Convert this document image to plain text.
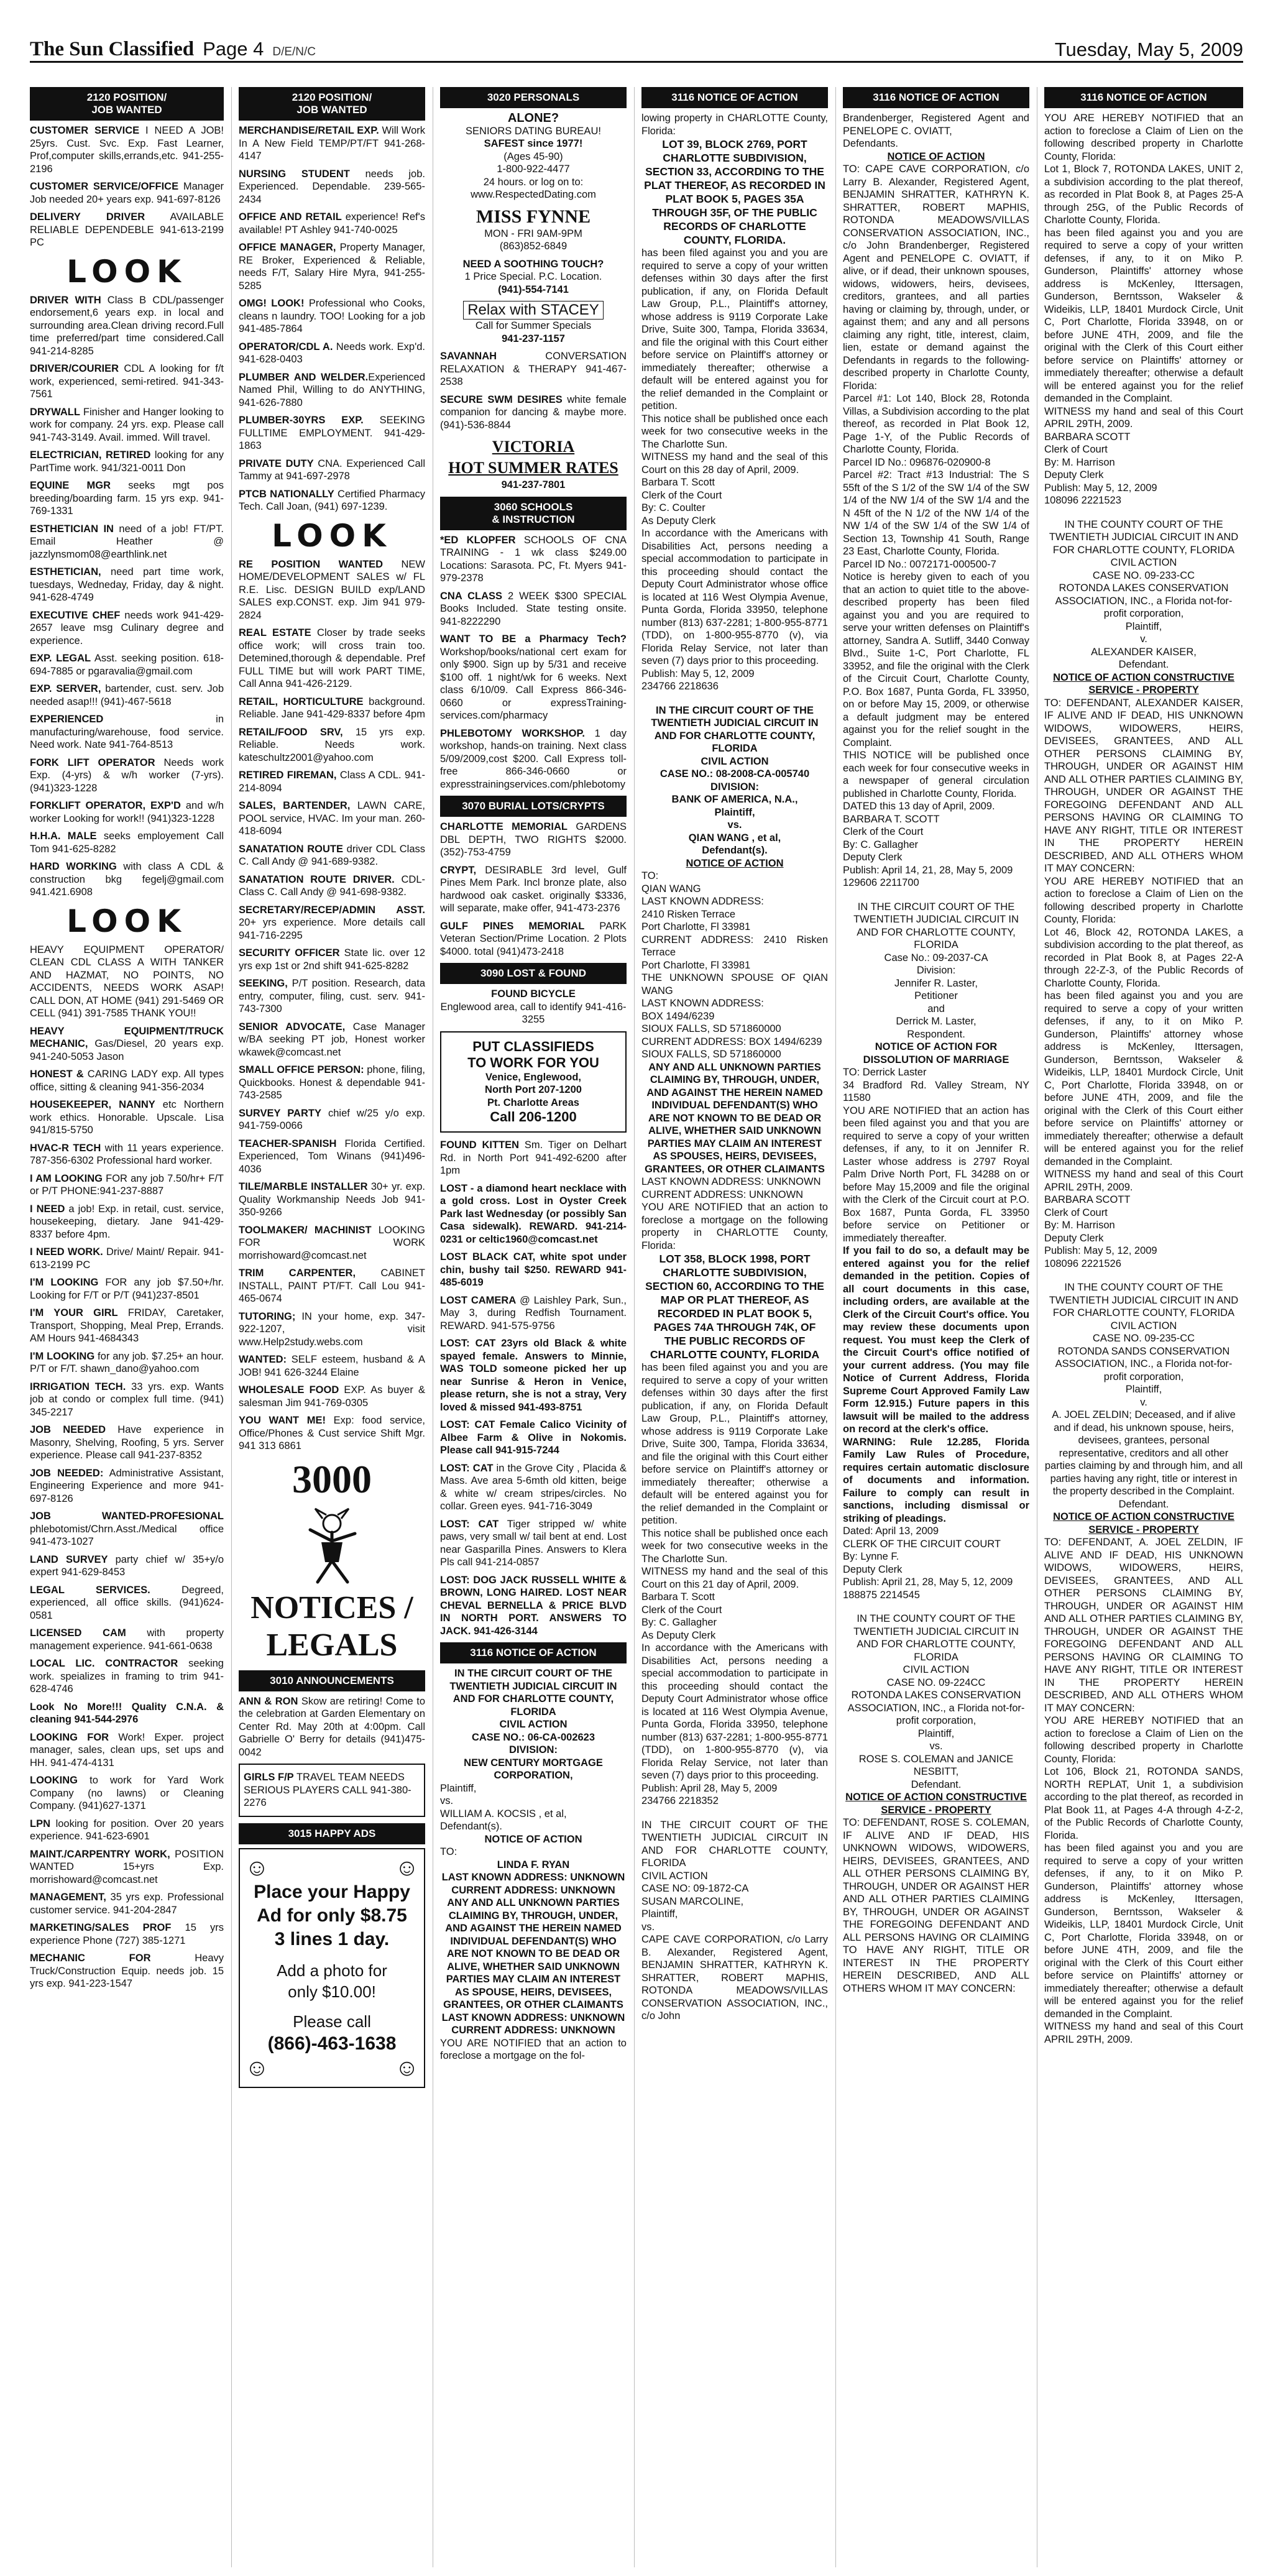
The Sun Classified Page 4 D/E/N/C	Tuesday, May 5, 2009
2120 POSITION/
JOB WANTED
CUSTOMER SERVICE I NEED A JOB! 25yrs. Cust. Svc. Exp. Fast Learner, Prof,computer skills,errands,etc. 941-255-2196
CUSTOMER SERVICE/OFFICE Manager Job needed 20+ years exp. 941-697-8126
DELIVERY DRIVER AVAILABLE RELIABLE DEPENDEBLE 941-613-2199 PC
LOOK
DRIVER WITH Class B CDL/passenger endorsement,6 years exp. in local and surrounding area.Clean driving record.Full time preferred/part time considered.Call 941-214-8285
DRIVER/COURIER CDL A looking for f/t work, experienced, semi-retired. 941-343-7561
DRYWALL Finisher and Hanger looking to work for company. 24 yrs. exp. Please call 941-743-3149. Avail. immed. Will travel.
ELECTRICIAN, RETIRED looking for any PartTime work. 941/321-0011 Don
EQUINE MGR seeks mgt pos breeding/boarding farm. 15 yrs exp. 941-769-1331
ESTHETICIAN IN need of a job! FT/PT. Email Heather @ jazzlynsmom08@earthlink.net
ESTHETICIAN, need part time work, tuesdays, Wedneday, Friday, day & night. 941-628-4749
EXECUTIVE CHEF needs work 941-429-2657 leave msg Culinary degree and experience.
EXP. LEGAL Asst. seeking position. 618-694-7885 or pgaravalia@gmail.com
EXP. SERVER, bartender, cust. serv. Job needed asap!!! (941)-467-5618
EXPERIENCED in manufacturing/warehouse, food service. Need work. Nate 941-764-8513
FORK LIFT OPERATOR Needs work Exp. (4-yrs) & w/h worker (7-yrs). (941)323-1228
FORKLIFT OPERATOR, EXP'D and w/h worker Looking for work!! (941)323-1228
H.H.A. MALE seeks employement Call Tom 941-625-8282
HARD WORKING with class A CDL & construction bkg fegelj@gmail.com 941.421.6908
LOOK
HEAVY EQUIPMENT OPERATOR/ CLEAN CDL CLASS A WITH TANKER AND HAZMAT, NO POINTS, NO ACCIDENTS, NEEDS WORK ASAP! CALL DON, AT HOME (941) 291-5469 OR CELL (941) 391-7585 THANK YOU!!
HEAVY EQUIPMENT/TRUCK MECHANIC, Gas/Diesel, 20 years exp. 941-240-5053 Jason
HONEST & CARING LADY exp. All types office, sitting & cleaning 941-356-2034
HOUSEKEEPER, NANNY etc Northern work ethics. Honorable. Upscale. Lisa 941/815-5750
HVAC-R TECH with 11 years experience. 787-356-6302 Professional hard worker.
I AM LOOKING FOR any job 7.50/hr+ F/T or P/T PHONE:941-237-8887
I NEED a job! Exp. in retail, cust. service, housekeeping, dietary. Jane 941-429-8337 before 4pm.
I NEED WORK. Drive/ Maint/ Repair. 941-613-2199 PC
I'M LOOKING FOR any job $7.50+/hr. Looking for F/T or P/T (941)237-8501
I'M YOUR GIRL FRIDAY, Caretaker, Transport, Shopping, Meal Prep, Errands. AM Hours 941-4684343
I'M LOOKING for any job. $7.25+ an hour. P/T or F/T. shawn_dano@yahoo.com
IRRIGATION TECH. 33 yrs. exp. Wants job at condo or complex full time. (941) 345-2217
JOB NEEDED Have experience in Masonry, Shelving, Roofing, 5 yrs. Server experience. Please call 941-237-8352
JOB NEEDED: Administrative Assistant, Engineering Experience and more 941-697-8126
JOB WANTED-PROFESIONAL phlebotomist/Chrn.Asst./Medical office 941-473-1027
LAND SURVEY party chief w/ 35+y/o expert 941-629-8453
LEGAL SERVICES. Degreed, experienced, all office skills. (941)624-0581
LICENSED CAM with property management experience. 941-661-0638
LOCAL LIC. CONTRACTOR seeking work. speializes in framing to trim 941-628-4746
Look No More!!! Quality C.N.A. & cleaning 941-544-2976
LOOKING FOR Work! Exper. project manager, sales, clean ups, set ups and HH. 941-474-4131
LOOKING to work for Yard Work Company (no lawns) or Cleaning Company. (941)627-1371
LPN looking for position. Over 20 years experience. 941-623-6901
MAINT./CARPENTRY WORK, POSITION WANTED 15+yrs Exp. morrishoward@comcast.net
MANAGEMENT, 35 yrs exp. Professional customer service. 941-204-2847
MARKETING/SALES PROF 15 yrs experience Phone (727) 385-1271
MECHANIC FOR Heavy Truck/Construction Equip. needs job. 15 yrs exp. 941-223-1547
2120 POSITION/
JOB WANTED
MERCHANDISE/RETAIL EXP. Will Work In A New Field TEMP/PT/FT 941-268-4147
NURSING STUDENT needs job. Experienced. Dependable. 239-565-2434
OFFICE AND RETAIL experience! Ref's available! PT Ashley 941-740-0025
OFFICE MANAGER, Property Manager, RE Broker, Experienced & Reliable, needs F/T, Salary Hire Myra, 941-255-5285
OMG! LOOK! Professional who Cooks, cleans n laundry. TOO! Looking for a job 941-485-7864
OPERATOR/CDL A. Needs work. Exp'd. 941-628-0403
PLUMBER AND WELDER.Experienced Named Phil, Willing to do ANYTHING, 941-626-7880
PLUMBER-30YRS EXP. SEEKING FULLTIME EMPLOYMENT. 941-429-1863
PRIVATE DUTY CNA. Experienced Call Tammy at 941-697-2978
PTCB NATIONALLY Certified Pharmacy Tech. Call Joan, (941) 697-1239.
LOOK
RE POSITION WANTED NEW HOME/DEVELOPMENT SALES w/ FL R.E. Lisc. DESIGN BUILD exp/LAND SALES exp.CONST. exp. Jim 941 979-2824
REAL ESTATE Closer by trade seeks office work; will cross train too. Detemined,thorough & dependable. Pref FULL TIME but will work PART TIME, Call Anna 941-426-2129.
RETAIL, HORTICULTURE background. Reliable. Jane 941-429-8337 before 4pm
RETAIL/FOOD SRV, 15 yrs exp. Reliable. Needs work. kateschultz2001@yahoo.com
RETIRED FIREMAN, Class A CDL. 941-214-8094
SALES, BARTENDER, LAWN CARE, POOL service, HVAC. Im your man. 260-418-6094
SANATATION ROUTE driver CDL Class C. Call Andy @ 941-689-9382.
SANATATION ROUTE DRIVER. CDL-Class C. Call Andy @ 941-698-9382.
SECRETARY/RECEP/ADMIN ASST. 20+ yrs experience. More details call 941-716-2295
SECURITY OFFICER State lic. over 12 yrs exp 1st or 2nd shift 941-625-8282
SEEKING, P/T position. Research, data entry, computer, filing, cust. serv. 941-743-7300
SENIOR ADVOCATE, Case Manager w/BA seeking PT job, Honest worker wkawek@comcast.net
SMALL OFFICE PERSON: phone, filing, Quickbooks. Honest & dependable 941-743-2585
SURVEY PARTY chief w/25 y/o exp. 941-759-0066
TEACHER-SPANISH Florida Certified. Experienced, Tom Winans (941)496-4036
TILE/MARBLE INSTALLER 30+ yr. exp. Quality Workmanship Needs Job 941-350-9266
TOOLMAKER/ MACHINIST LOOKING FOR WORK morrishoward@comcast.net
TRIM CARPENTER, CABINET INSTALL, PAINT PT/FT. Call Lou 941-465-0674
TUTORING; IN your home, exp. 347-922-1207, visit www.Help2study.webs.com
WANTED: SELF esteem, husband & A JOB! 941 626-3244 Elaine
WHOLESALE FOOD EXP. As buyer & salesman Jim 941-769-0305
YOU WANT ME! Exp: food service, Office/Phones & Cust service Shift Mgr. 941 313 6861
3000
NOTICES /
LEGALS
3010 ANNOUNCEMENTS
ANN & RON Skow are retiring! Come to the celebration at Garden Elementary on Center Rd. May 20th at 4:00pm. Call Gabrielle O' Berry for details (941)475-0042
GIRLS F/P TRAVEL TEAM NEEDS SERIOUS PLAYERS CALL 941-380-2276
3015 HAPPY ADS
☺	☺
Place your Happy
Ad for only $8.75
3 lines 1 day.
Add a photo for
only $10.00!
Please call
(866)-463-1638
☺	☺
3020 PERSONALS
ALONE?
SENIORS DATING BUREAU!
SAFEST since 1977!
(Ages 45-90)
1-800-922-4477
24 hours. or log on to:
www.RespectedDating.com
MISS FYNNE
MON - FRI 9AM-9PM
(863)852-6849
NEED A SOOTHING TOUCH?
1 Price Special. P.C. Location.
(941)-554-7141
Relax with STACEY
Call for Summer Specials
941-237-1157
SAVANNAH CONVERSATION RELAXATION & THERAPY 941-467-2538
SECURE SWM DESIRES white female companion for dancing & maybe more. (941)-536-8844
VICTORIA
HOT SUMMER RATES
941-237-7801
3060 SCHOOLS
& INSTRUCTION
*ED KLOPFER SCHOOLS OF CNA TRAINING - 1 wk class $249.00 Locations: Sarasota. PC, Ft. Myers 941-979-2378
CNA CLASS 2 WEEK $300 SPECIAL Books Included. State testing onsite. 941-8222290
WANT TO BE a Pharmacy Tech? Workshop/books/national cert exam for only $900. Sign up by 5/31 and receive $100 off. 1 night/wk for 6 weeks. Next class 6/10/09. Call Express 866-346-0660 or expressTraining-services.com/pharmacy
PHLEBOTOMY WORKSHOP. 1 day workshop, hands-on training. Next class 5/09/2009,cost $200. Call Express toll-free 866-346-0660 or expresstrainingservices.com/phlebotomy
3070 BURIAL LOTS/CRYPTS
CHARLOTTE MEMORIAL GARDENS DBL DEPTH, TWO RIGHTS $2000. (352)-753-4759
CRYPT, DESIRABLE 3rd level, Gulf Pines Mem Park. Incl bronze plate, also hardwood oak casket. originally $3336, will separate, make offer, 941-473-2376
GULF PINES MEMORIAL PARK Veteran Section/Prime Location. 2 Plots $4000. total (941)473-2418
3090 LOST & FOUND
FOUND BICYCLE
Englewood area, call to identify 941-416-3255
PUT CLASSIFIEDS
TO WORK FOR YOU
Venice, Englewood,
North Port 207-1200
Pt. Charlotte Areas
Call 206-1200
FOUND KITTEN Sm. Tiger on Delhart Rd. in North Port 941-492-6200 after 1pm
LOST - a diamond heart necklace with a gold cross. Lost in Oyster Creek Park last Wednesday (or possibly San Casa sidewalk). REWARD. 941-214-0231 or celtic1960@comcast.net
LOST BLACK CAT, white spot under chin, bushy tail $250. REWARD 941-485-6019
LOST CAMERA @ Laishley Park, Sun., May 3, during Redfish Tournament. REWARD. 941-575-9756
LOST: CAT 23yrs old Black & white spayed female. Answers to Minnie, WAS TOLD someone picked her up near Sunrise & Heron in Venice, please return, she is not a stray, Very loved & missed 941-493-8751
LOST: CAT Female Calico Vicinity of Albee Farm & Olive in Nokomis. Please call 941-915-7244
LOST: CAT in the Grove City , Placida & Mass. Ave area 5-6mth old kitten, beige & white w/ cream stripes/circles. No collar. Green eyes. 941-716-3049
LOST: CAT Tiger stripped w/ white paws, very small w/ tail bent at end. Lost near Gasparilla Pines. Answers to Klera Pls call 941-214-0857
LOST: DOG JACK RUSSELL WHITE & BROWN, LONG HAIRED. LOST NEAR CHEVAL BERNELLA & PRICE BLVD IN NORTH PORT. ANSWERS TO JACK. 941-426-3144
3116 NOTICE OF ACTION

IN THE CIRCUIT COURT OF THE TWENTIETH JUDICIAL CIRCUIT IN AND FOR CHARLOTTE COUNTY, FLORIDA

CIVIL ACTION

CASE NO.: 06-CA-002623

DIVISION:

NEW CENTURY MORTGAGE CORPORATION,

Plaintiff,

vs.

WILLIAM A. KOCSIS , et al,

Defendant(s).

NOTICE OF ACTION

TO:

LINDA F. RYAN

LAST KNOWN ADDRESS: UNKNOWN

CURRENT ADDRESS: UNKNOWN

ANY AND ALL UNKNOWN PARTIES CLAIMING BY, THROUGH, UNDER, AND AGAINST THE HEREIN NAMED INDIVIDUAL DEFENDANT(S) WHO ARE NOT KNOWN TO BE DEAD OR ALIVE, WHETHER SAID UNKNOWN PARTIES MAY CLAIM AN INTEREST AS SPOUSE, HEIRS, DEVISEES, GRANTEES, OR OTHER CLAIMANTS

LAST KNOWN ADDRESS: UNKNOWN

CURRENT ADDRESS: UNKNOWN

YOU ARE NOTIFIED that an action to foreclose a mortgage on the fol-

3116 NOTICE OF ACTION

lowing property in CHARLOTTE County, Florida:

LOT 39, BLOCK 2769, PORT CHARLOTTE SUBDIVISION, SECTION 33, ACCORDING TO THE PLAT THEREOF, AS RECORDED IN PLAT BOOK 5, PAGES 35A THROUGH 35F, OF THE PUBLIC RECORDS OF CHARLOTTE COUNTY, FLORIDA.

has been filed against you and you are required to serve a copy of your written defenses within 30 days after the first publication, if any, on Florida Default Law Group, P.L., Plaintiff's attorney, whose address is 9119 Corporate Lake Drive, Suite 300, Tampa, Florida 33634, and file the original with this Court either before service on Plaintiff's attorney or immediately thereafter; otherwise a default will be entered against you for the relief demanded in the Complaint or petition.

This notice shall be published once each week for two consecutive weeks in the The Charlotte Sun.

WITNESS my hand and the seal of this Court on this 28 day of April, 2009.

Barbara T. Scott
Clerk of the Court
By: C. Coulter
As Deputy Clerk

In accordance with the Americans with Disabilities Act, persons needing a special accommodation to participate in this proceeding should contact the Deputy Court Administrator whose office is located at 116 West Olympia Avenue, Punta Gorda, Florida 33950, telephone number (813) 637-2281; 1-800-955-8771 (TDD), on 1-800-955-8770 (v), via Florida Relay Service, not later than seven (7) days prior to this proceeding.
Publish: May 5, 12, 2009
234766 2218636

IN THE CIRCUIT COURT OF THE TWENTIETH JUDICIAL CIRCUIT IN AND FOR CHARLOTTE COUNTY, FLORIDA
CIVIL ACTION
CASE NO.: 08-2008-CA-005740

DIVISION:
BANK OF AMERICA, N.A.,
Plaintiff,
vs.
QIAN WANG , et al,
Defendant(s).

NOTICE OF ACTION

TO:
QIAN WANG
LAST KNOWN ADDRESS:
2410 Risken Terrace
Port Charlotte, Fl 33981
CURRENT ADDRESS: 2410 Risken Terrace
Port Charlotte, Fl 33981
THE UNKNOWN SPOUSE OF QIAN WANG
LAST KNOWN ADDRESS:
BOX 1494/6239
SIOUX FALLS, SD 571860000
CURRENT ADDRESS: BOX 1494/6239
SIOUX FALLS, SD 571860000

ANY AND ALL UNKNOWN PARTIES CLAIMING BY, THROUGH, UNDER, AND AGAINST THE HEREIN NAMED INDIVIDUAL DEFENDANT(S) WHO ARE NOT KNOWN TO BE DEAD OR ALIVE, WHETHER SAID UNKNOWN PARTIES MAY CLAIM AN INTEREST AS SPOUSES, HEIRS, DEVISEES, GRANTEES, OR OTHER CLAIMANTS

LAST KNOWN ADDRESS: UNKNOWN
CURRENT ADDRESS: UNKNOWN
YOU ARE NOTIFIED that an action to foreclose a mortgage on the following property in CHARLOTTE County, Florida:

LOT 358, BLOCK 1998, PORT CHARLOTTE SUBDIVISION, SECTION 60, ACCORDING TO THE MAP OR PLAT THEREOF, AS RECORDED IN PLAT BOOK 5, PAGES 74A THROUGH 74K, OF THE PUBLIC RECORDS OF CHARLOTTE COUNTY, FLORIDA

has been filed against you and you are required to serve a copy of your written defenses within 30 days after the first publication, if any, on Florida Default Law Group, P.L., Plaintiff's attorney, whose address is 9119 Corporate Lake Drive, Suite 300, Tampa, Florida 33634, and file the original with this Court either before service on Plaintiff's attorney or immediately thereafter; otherwise a default will be entered against you for the relief demanded in the Complaint or petition.

This notice shall be published once each week for two consecutive weeks in the The Charlotte Sun.

WITNESS my hand and the seal of this Court on this 21 day of April, 2009.

Barbara T. Scott
Clerk of the Court
By: C. Gallagher
As Deputy Clerk

In accordance with the Americans with Disabilities Act, persons needing a special accommodation to participate in this proceeding should contact the Deputy Court Administrator whose office is located at 116 West Olympia Avenue, Punta Gorda, Florida 33950, telephone number (813) 637-2281; 1-800-955-8771 (TDD), on 1-800-955-8770 (v), via Florida Relay Service, not later than seven (7) days prior to this proceeding.
Publish: April 28, May 5, 2009
234766 2218352

IN THE CIRCUIT COURT OF THE TWENTIETH JUDICIAL CIRCUIT IN AND FOR CHARLOTTE COUNTY, FLORIDA
CIVIL ACTION
CASE NO: 09-1872-CA
SUSAN MARCOLINE,
Plaintiff,
vs.
CAPE CAVE CORPORATION, c/o Larry B. Alexander, Registered Agent, BENJAMIN SHRATTER, KATHRYN K. SHRATTER, ROBERT MAPHIS, ROTONDA MEADOWS/VILLAS CONSERVATION ASSOCIATION, INC., c/o John

3116 NOTICE OF ACTION

Brandenberger, Registered Agent and PENELOPE C. OVIATT,
Defendants.

NOTICE OF ACTION

TO: CAPE CAVE CORPORATION, c/o Larry B. Alexander, Registered Agent, BENJAMIN SHRATTER, KATHRYN K. SHRATTER, ROBERT MAPHIS, ROTONDA MEADOWS/VILLAS CONSERVATION ASSOCIATION, INC., c/o John Brandenberger, Registered Agent and PENELOPE C. OVIATT, if alive, or if dead, their unknown spouses, widows, widowers, heirs, devisees, creditors, grantees, and all parties having or claiming by, through, under, or against them; and any and all persons claiming any right, title, interest, claim, lien, estate or demand against the Defendants in regards to the following-described property in Charlotte County, Florida:

Parcel #1: Lot 140, Block 28, Rotonda Villas, a Subdivision according to the plat thereof, as recorded in Plat Book 12, Page 1-Y, of the Public Records of Charlotte County, Florida.
Parcel ID No.: 096876-020900-8
Parcel #2: Tract #13 Industrial: The S 55ft of the S 1/2 of the SW 1/4 of the SW 1/4 of the NW 1/4 of the SW 1/4 and the N 45ft of the N 1/2 of the NW 1/4 of the NW 1/4 of the SW 1/4 of the SW 1/4 of Section 13, Township 41 South, Range 23 East, Charlotte County, Florida.
Parcel ID No.: 0072171-000500-7

Notice is hereby given to each of you that an action to quiet title to the above-described property has been filed against you and you are required to serve your written defenses on Plaintiff's attorney, Sandra A. Sutliff, 3440 Conway Blvd., Suite 1-C, Port Charlotte, FL 33952, and file the original with the Clerk of the Circuit Court, Charlotte County, P.O. Box 1687, Punta Gorda, FL 33950, on or before May 15, 2009, or otherwise a default judgment may be entered against you for the relief sought in the Complaint.

THIS NOTICE will be published once each week for four consecutive weeks in a newspaper of general circulation published in Charlotte County, Florida.
DATED this 13 day of April, 2009.
BARBARA T. SCOTT
Clerk of the Court
By: C. Gallagher
Deputy Clerk
Publish: April 14, 21, 28, May 5, 2009
129606 2211700

IN THE CIRCUIT COURT OF THE TWENTIETH JUDICIAL CIRCUIT IN AND FOR CHARLOTTE COUNTY, FLORIDA
Case No.: 09-2037-CA
Division:
Jennifer R. Laster,
Petitioner
and
Derrick M. Laster,
Respondent.

NOTICE OF ACTION FOR DISSOLUTION OF MARRIAGE

TO: Derrick Laster
34 Bradford Rd. Valley Stream, NY 11580
YOU ARE NOTIFIED that an action has been filed against you and that you are required to serve a copy of your written defenses, if any, to it on Jennifer R. Laster whose address is 2797 Royal Palm Drive North Port, FL 34288 on or before May 15,2009 and file the original with the Clerk of the Circuit court at P.O. Box 1687, Punta Gorda, FL 33950 before service on Petitioner or immediately thereafter.

If you fail to do so, a default may be entered against you for the relief demanded in the petition. Copies of all court documents in this case, including orders, are available at the Clerk of the Circuit Court's office. You may review these documents upon request. You must keep the Clerk of the Circuit Court's office notified of your current address. (You may file Notice of Current Address, Florida Supreme Court Approved Family Law Form 12.915.) Future papers in this lawsuit will be mailed to the address on record at the clerk's office.

WARNING: Rule 12.285, Florida Family Law Rules of Procedure, requires certain automatic disclosure of documents and information. Failure to comply can result in sanctions, including dismissal or striking of pleadings.

Dated: April 13, 2009
CLERK OF THE CIRCUIT COURT
By: Lynne F.
Deputy Clerk
Publish: April 21, 28, May 5, 12, 2009
188875 2214545

IN THE COUNTY COURT OF THE TWENTIETH JUDICIAL CIRCUIT IN AND FOR CHARLOTTE COUNTY, FLORIDA
CIVIL ACTION
CASE NO. 09-224CC
ROTONDA LAKES CONSERVATION ASSOCIATION, INC., a Florida not-for-profit corporation,
Plaintiff,
vs.
ROSE S. COLEMAN and JANICE NESBITT,
Defendant.

NOTICE OF ACTION CONSTRUCTIVE SERVICE - PROPERTY

TO: DEFENDANT, ROSE S. COLEMAN, IF ALIVE AND IF DEAD, HIS UNKNOWN WIDOWS, WIDOWERS, HEIRS, DEVISEES, GRANTEES, AND ALL OTHER PERSONS CLAIMING BY, THROUGH, UNDER OR AGAINST HER AND ALL OTHER PARTIES CLAIMING BY, THROUGH, UNDER OR AGAINST THE FOREGOING DEFENDANT AND ALL PERSONS HAVING OR CLAIMING TO HAVE ANY RIGHT, TITLE OR INTEREST IN THE PROPERTY HEREIN DESCRIBED, AND ALL OTHERS WHOM IT MAY CONCERN:

3116 NOTICE OF ACTION

YOU ARE HEREBY NOTIFIED that an action to foreclose a Claim of Lien on the following described property in Charlotte County, Florida:

Lot 1, Block 7, ROTONDA LAKES, UNIT 2, a subdivision according to the plat thereof, as recorded in Plat Book 8, at Pages 25-A through 25G, of the Public Records of Charlotte County, Florida.

has been filed against you and you are required to serve a copy of your written defenses, if any, to it on Miko P. Gunderson, Plaintiffs' attorney whose address is McKenley, Ittersagen, Gunderson, Berntsson, Wakseler & Wideikis, LLP, 18401 Murdock Circle, Unit C, Port Charlotte, Florida 33948, on or before JUNE 4TH, 2009, and file the original with the Clerk of this Court either before service on Plaintiffs' attorney or immediately thereafter; otherwise a default will be entered against you for the relief demanded in the Complaint.

WITNESS my hand and seal of this Court APRIL 29TH, 2009.
BARBARA SCOTT
Clerk of Court
By: M. Harrison
Deputy Clerk
Publish: May 5, 12, 2009
108096 2221523

IN THE COUNTY COURT OF THE TWENTIETH JUDICIAL CIRCUIT IN AND FOR CHARLOTTE COUNTY, FLORIDA
CIVIL ACTION
CASE NO. 09-233-CC
ROTONDA LAKES CONSERVATION ASSOCIATION, INC., a Florida not-for-profit corporation,
Plaintiff,
v.
ALEXANDER KAISER,
Defendant.

NOTICE OF ACTION CONSTRUCTIVE SERVICE - PROPERTY

TO: DEFENDANT, ALEXANDER KAISER, IF ALIVE AND IF DEAD, HIS UNKNOWN WIDOWS, WIDOWERS, HEIRS, DEVISEES, GRANTEES, AND ALL OTHER PERSONS CLAIMING BY, THROUGH, UNDER OR AGAINST HIM AND ALL OTHER PARTIES CLAIMING BY, THROUGH, UNDER OR AGAINST THE FOREGOING DEFENDANT AND ALL PERSONS HAVING OR CLAIMING TO HAVE ANY RIGHT, TITLE OR INTEREST IN THE PROPERTY HEREIN DESCRIBED, AND ALL OTHERS WHOM IT MAY CONCERN:

YOU ARE HEREBY NOTIFIED that an action to foreclose a Claim of Lien on the following described property in Charlotte County, Florida:

Lot 46, Block 42, ROTONDA LAKES, a subdivision according to the plat thereof, as recorded in Plat Book 8, at Pages 22-A through 22-Z-3, of the Public Records of Charlotte County, Florida.

has been filed against you and you are required to serve a copy of your written defenses, if any, to it on Miko P. Gunderson, Plaintiffs' attorney whose address is McKenley, Ittersagen, Gunderson, Berntsson, Wakseler & Wideikis, LLP, 18401 Murdock Circle, Unit C, Port Charlotte, Florida 33948, on or before JUNE 4TH, 2009, and file the original with the Clerk of this Court either before service on Plaintiffs' attorney or immediately thereafter; otherwise a default will be entered against you for the relief demanded in the Complaint.

WITNESS my hand and seal of this Court APRIL 29TH, 2009.
BARBARA SCOTT
Clerk of Court
By: M. Harrison
Deputy Clerk
Publish: May 5, 12, 2009
108096 2221526

IN THE COUNTY COURT OF THE TWENTIETH JUDICIAL CIRCUIT IN AND FOR CHARLOTTE COUNTY, FLORIDA
CIVIL ACTION
CASE NO. 09-235-CC
ROTONDA SANDS CONSERVATION ASSOCIATION, INC., a Florida not-for-profit corporation,
Plaintiff,
v.
A. JOEL ZELDIN; Deceased, and if alive and if dead, his unknown spouse, heirs, devisees, grantees, personal representative, creditors and all other parties claiming by and through him, and all parties having any right, title or interest in the property described in the Complaint.
Defendant.

NOTICE OF ACTION CONSTRUCTIVE SERVICE - PROPERTY

TO: DEFENDANT, A. JOEL ZELDIN, IF ALIVE AND IF DEAD, HIS UNKNOWN WIDOWS, WIDOWERS, HEIRS, DEVISEES, GRANTEES, AND ALL OTHER PERSONS CLAIMING BY, THROUGH, UNDER OR AGAINST HIM AND ALL OTHER PARTIES CLAIMING BY, THROUGH, UNDER OR AGAINST THE FOREGOING DEFENDANT AND ALL PERSONS HAVING OR CLAIMING TO HAVE ANY RIGHT, TITLE OR INTEREST IN THE PROPERTY HEREIN DESCRIBED, AND ALL OTHERS WHOM IT MAY CONCERN:

YOU ARE HEREBY NOTIFIED that an action to foreclose a Claim of Lien on the following described property in Charlotte County, Florida:

Lot 106, Block 21, ROTONDA SANDS, NORTH REPLAT, Unit 1, a subdivision according to the plat thereof, as recorded in Plat Book 11, at Pages 4-A through 4-Z-2, of the Public Records of Charlotte County, Florida.

has been filed against you and you are required to serve a copy of your written defenses, if any, to it on Miko P. Gunderson, Plaintiffs' attorney whose address is McKenley, Ittersagen, Gunderson, Berntsson, Wakseler & Wideikis, LLP, 18401 Murdock Circle, Unit C, Port Charlotte, Florida 33948, on or before JUNE 4TH, 2009, and file the original with the Clerk of this Court either before service on Plaintiffs' attorney or immediately thereafter; otherwise a default will be entered against you for the relief demanded in the Complaint.

WITNESS my hand and seal of this Court APRIL 29TH, 2009.
